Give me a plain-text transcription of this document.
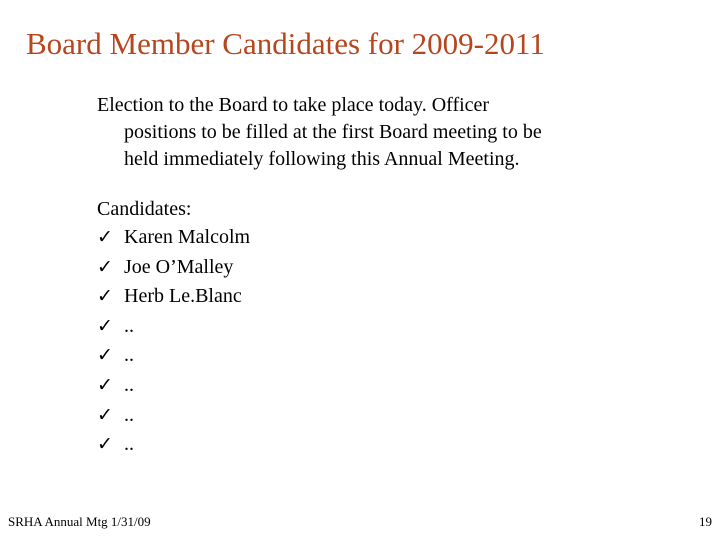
Board Member Candidates for 2009-2011
Election to the Board to take place today. Officer
positions to be filled at the first Board meeting to be
held immediately following this Annual Meeting.
Candidates:
✓ Karen Malcolm
✓ Joe O’Malley
✓ Herb Le.Blanc
✓ ..
✓ ..
✓ ..
✓ ..
✓ ..
SRHA Annual Mtg 1/31/09	19
